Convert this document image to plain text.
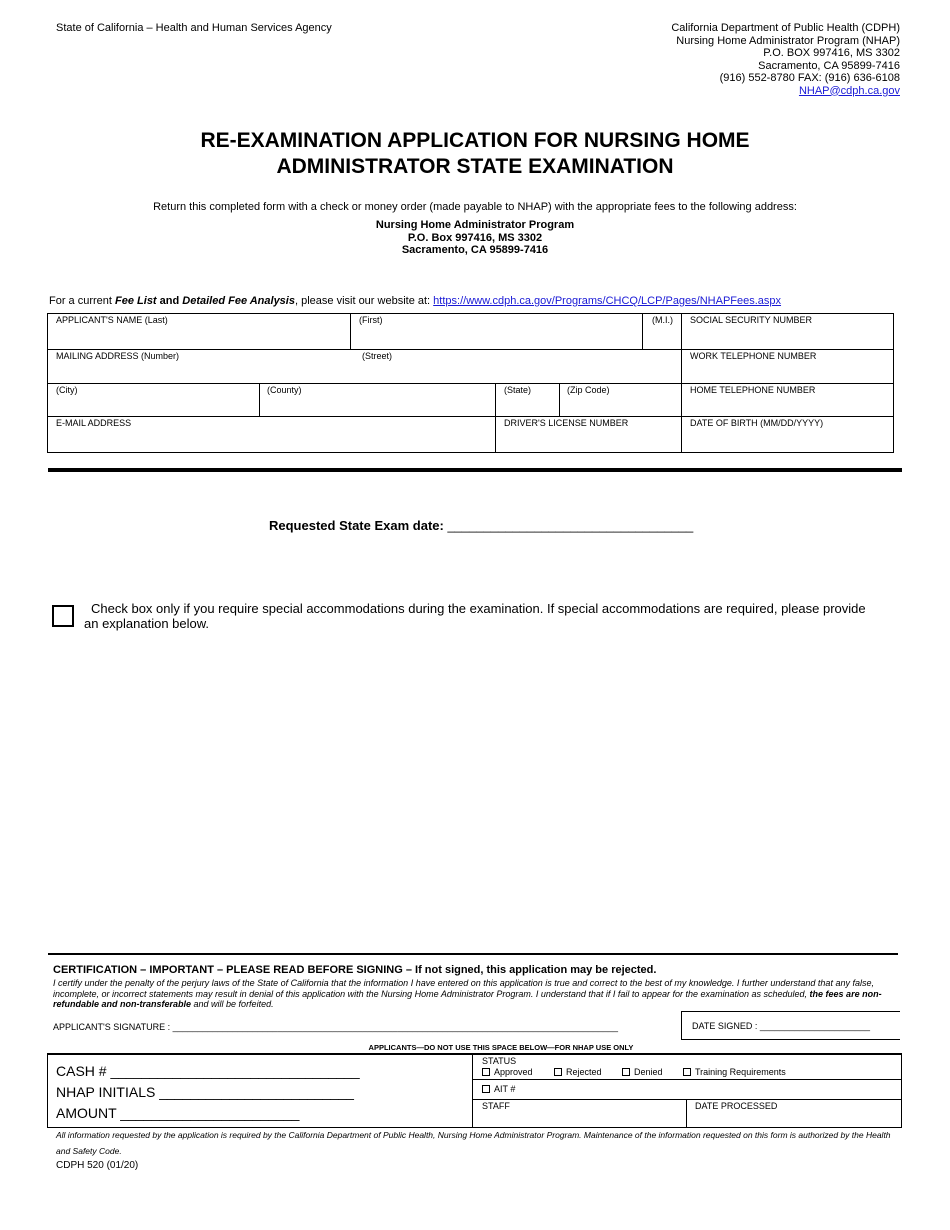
State of California – Health and Human Services Agency	California Department of Public Health (CDPH)
Nursing Home Administrator Program (NHAP)
P.O. BOX 997416, MS 3302
Sacramento, CA 95899-7416
(916) 552-8780 FAX: (916) 636-6108
NHAP@cdph.ca.gov
RE-EXAMINATION APPLICATION FOR NURSING HOME
ADMINISTRATOR STATE EXAMINATION
Return this completed form with a check or money order (made payable to NHAP) with the appropriate fees to the following address:
Nursing Home Administrator Program
P.O. Box 997416, MS 3302
Sacramento, CA 95899-7416
For a current Fee List and Detailed Fee Analysis, please visit our website at: https://www.cdph.ca.gov/Programs/CHCQ/LCP/Pages/NHAPFees.aspx
APPLICANT'S NAME (Last)	(First)	(M.I.) SOCIAL SECURITY NUMBER
MAILING ADDRESS (Number)	(Street)	WORK TELEPHONE NUMBER
(City)	(County)	(State)	(Zip Code)	HOME TELEPHONE NUMBER
E-MAIL ADDRESS	DRIVER'S LICENSE NUMBER	DATE OF BIRTH (MM/DD/YYYY)
Requested State Exam date: __________________________________
Check box only if you require special accommodations during the examination. If special accommodations are required, please provide an explanation below.
CERTIFICATION – IMPORTANT – PLEASE READ BEFORE SIGNING – If not signed, this application may be rejected.
I certify under the penalty of the perjury laws of the State of California that the information I have entered on this application is true and correct to the best of my knowledge. I further understand that any false, incomplete, or incorrect statements may result in denial of this application with the Nursing Home Administrator Program. I understand that if I fail to appear for the examination as scheduled, the fees are non-refundable and non-transferable and will be forfeited.
APPLICANT'S SIGNATURE : _________________________________________________________________________________________	DATE SIGNED : ______________________
APPLICANTS—DO NOT USE THIS SPACE BELOW—FOR NHAP USE ONLY
CASH # ________________________________
NHAP INITIALS _________________________
AMOUNT _______________________
STATUS
Approved	Rejected	Denied	Training Requirements
AIT #
STAFF	DATE PROCESSED
All information requested by the application is required by the California Department of Public Health, Nursing Home Administrator Program. Maintenance of the information requested on this form is authorized by the Health and Safety Code.
CDPH 520 (01/20)
